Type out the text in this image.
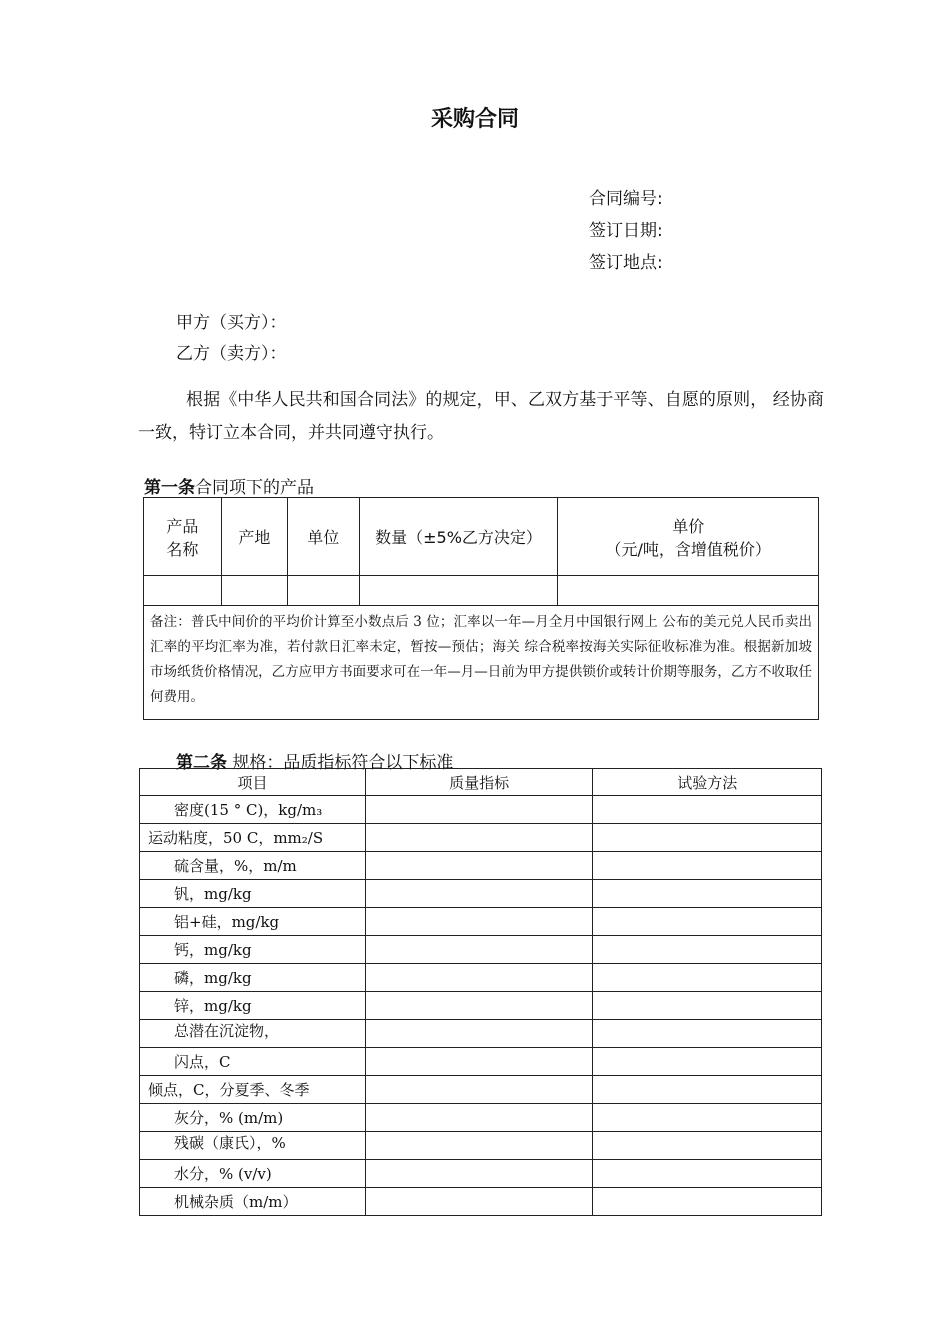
采购合同
合同编号:
签订日期:
签订地点:
甲方（买方）：
乙方（卖方）：
根据《中华人民共和国合同法》的规定，甲、乙双方基于平等、自愿的原则， 经协商一致，特订立本合同，并共同遵守执行。
第一条合同项下的产品
产品
名称	产地	单位	数量（±5%乙方决定）	单价
（元/吨，含增值税价）

备注：普氏中间价的平均价计算至小数点后 3 位；汇率以一年—月全月中国银行网上 公布的美元兑人民币卖出汇率的平均汇率为准，若付款日汇率未定，暂按—预估；海关 综合税率按海关实际征收标准为准。根据新加坡市场纸货价格情况，乙方应甲方书面要求可在一年—月—日前为甲方提供锁价或转计价期等服务，乙方不收取任何费用。				
第二条 规格：品质指标符合以下标准
项目	质量指标	试验方法
密度(15 ° C)，kg/m₃		
运动粘度，50 C，mm₂/S		
硫含量，%，m/m		
钒，mg/kg		
铝+硅，mg/kg		
钙，mg/kg		
磷，mg/kg		
锌，mg/kg		
总潜在沉淀物，		
闪点，C		
倾点，C，分夏季、冬季		
灰分，% (m/m)		
残碳（康氏），%		
水分，% (v/v)		
机械杂质（m/m）		
